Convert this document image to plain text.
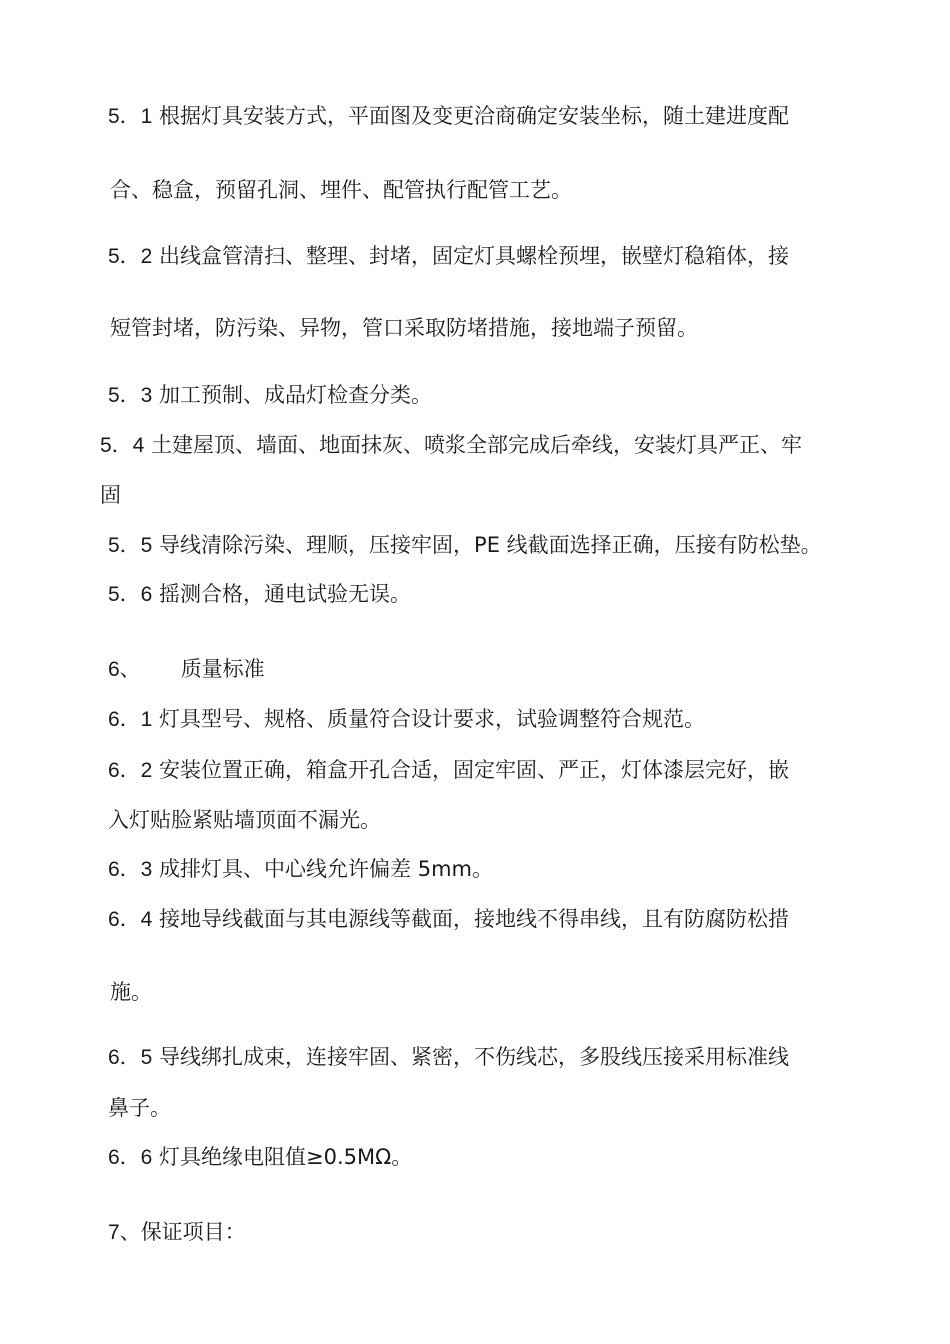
5．1 根据灯具安装方式，平面图及变更洽商确定安装坐标，随土建进度配
合、稳盒，预留孔洞、埋件、配管执行配管工艺。
5．2 出线盒管清扫、整理、封堵，固定灯具螺栓预埋，嵌壁灯稳箱体，接
短管封堵，防污染、异物，管口采取防堵措施，接地端子预留。
5．3 加工预制、成品灯检查分类。
5．4 土建屋顶、墙面、地面抹灰、喷浆全部完成后牵线，安装灯具严正、牢
固
5．5 导线清除污染、理顺，压接牢固，PE 线截面选择正确，压接有防松垫。
5．6 摇测合格，通电试验无误。
6、 质量标准
6．1 灯具型号、规格、质量符合设计要求，试验调整符合规范。
6．2 安装位置正确，箱盒开孔合适，固定牢固、严正，灯体漆层完好，嵌
入灯贴脸紧贴墙顶面不漏光。
6．3 成排灯具、中心线允许偏差 5mm。
6．4 接地导线截面与其电源线等截面，接地线不得串线，且有防腐防松措
施。
6．5 导线绑扎成束，连接牢固、紧密，不伤线芯，多股线压接采用标准线
鼻子。
6．6 灯具绝缘电阻值≥0.5MΩ。
7、保证项目：
